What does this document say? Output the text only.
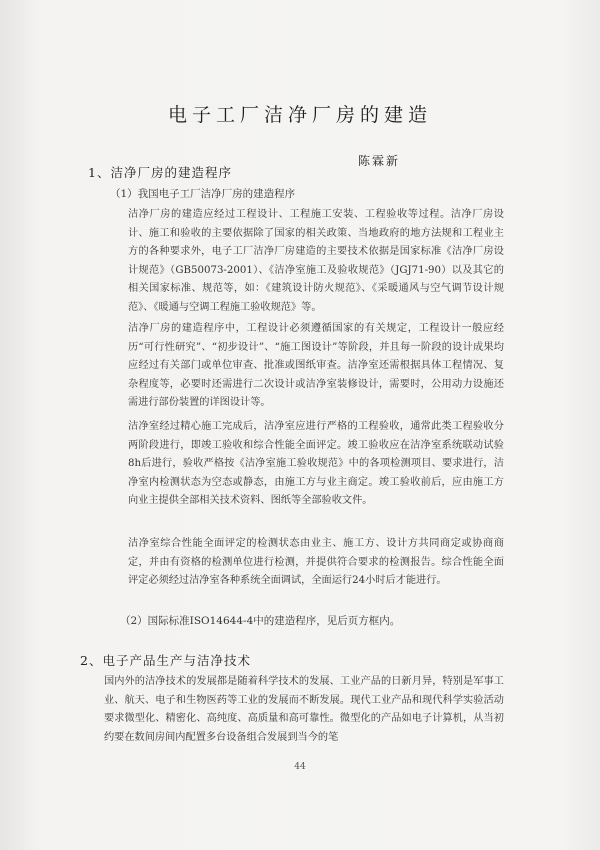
电子工厂洁净厂房的建造
陈霖新
1、洁净厂房的建造程序
（1）我国电子工厂洁净厂房的建造程序

洁净厂房的建造应经过工程设计、工程施工安装、工程验收等过程。洁净厂房设计、施工和验收的主要依据除了国家的相关政策、当地政府的地方法规和工程业主方的各种要求外，电子工厂洁净厂房建造的主要技术依据是国家标准《洁净厂房设计规范》（GB50073-2001）、《洁净室施工及验收规范》（JGJ71-90）以及其它的相关国家标准、规范等，如：《建筑设计防火规范》、《采暖通风与空气调节设计规范》、《暖通与空调工程施工验收规范》等。

洁净厂房的建造程序中，工程设计必须遵循国家的有关规定，工程设计一般应经历“可行性研究”、“初步设计”、“施工图设计”等阶段，并且每一阶段的设计成果均应经过有关部门或单位审查、批准或图纸审查。洁净室还需根据具体工程情况、复杂程度等，必要时还需进行二次设计或洁净室装修设计，需要时，公用动力设施还需进行部份装置的详图设计等。

洁净室经过精心施工完成后，洁净室应进行严格的工程验收，通常此类工程验收分两阶段进行，即竣工验收和综合性能全面评定。竣工验收应在洁净室系统联动试验8h后进行，验收严格按《洁净室施工验收规范》中的各项检测项目、要求进行，洁净室内检测状态为空态或静态，由施工方与业主商定。竣工验收前后，应由施工方向业主提供全部相关技术资料、图纸等全部验收文件。

洁净室综合性能全面评定的检测状态由业主、施工方、设计方共同商定或协商商定，并由有资格的检测单位进行检测，并提供符合要求的检测报告。综合性能全面评定必须经过洁净室各种系统全面调试，全面运行24小时后才能进行。

（2）国际标准ISO14644-4中的建造程序，见后页方框内。
2、电子产品生产与洁净技术

国内外的洁净技术的发展都是随着科学技术的发展、工业产品的日新月异，特别是军事工业、航天、电子和生物医药等工业的发展而不断发展。现代工业产品和现代科学实验活动要求微型化、精密化、高纯度、高质量和高可靠性。微型化的产品如电子计算机，从当初约要在数间房间内配置多台设备组合发展到当今的笔

44
